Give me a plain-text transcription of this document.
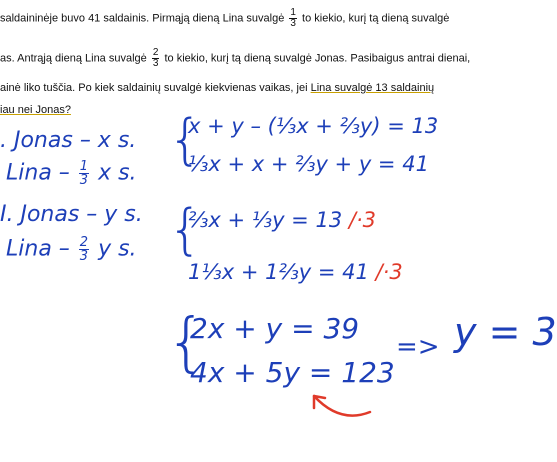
saldaininėje buvo 41 saldainis. Pirmąją dieną Lina suvalgė $\frac{1}{3}$ to kiekio, kurį tą dieną suvalgė
as. Antrąją dieną Lina suvalgė $\frac{2}{3}$ to kiekio, kurį tą dieną suvalgė Jonas. Pasibaigus antrai dienai,
ainė liko tuščia. Po kiek saldainių suvalgė kiekvienas vaikas, jei Lina suvalgė 13 saldainių
iau nei Jonas?
. Jonas – x s.
Lina – $\frac{1}{3}$ x s.
I. Jonas – y s.
Lina – $\frac{2}{3}$ y s.
{
x + y – (⅓x + ⅔y) = 13
⅓x + x + ⅔y + y = 41
{
⅔x + ⅓y = 13 /·3
1⅓x + 1⅔y = 41 /·3
{
2x + y = 39
4x + 5y = 123
=> y = 3
